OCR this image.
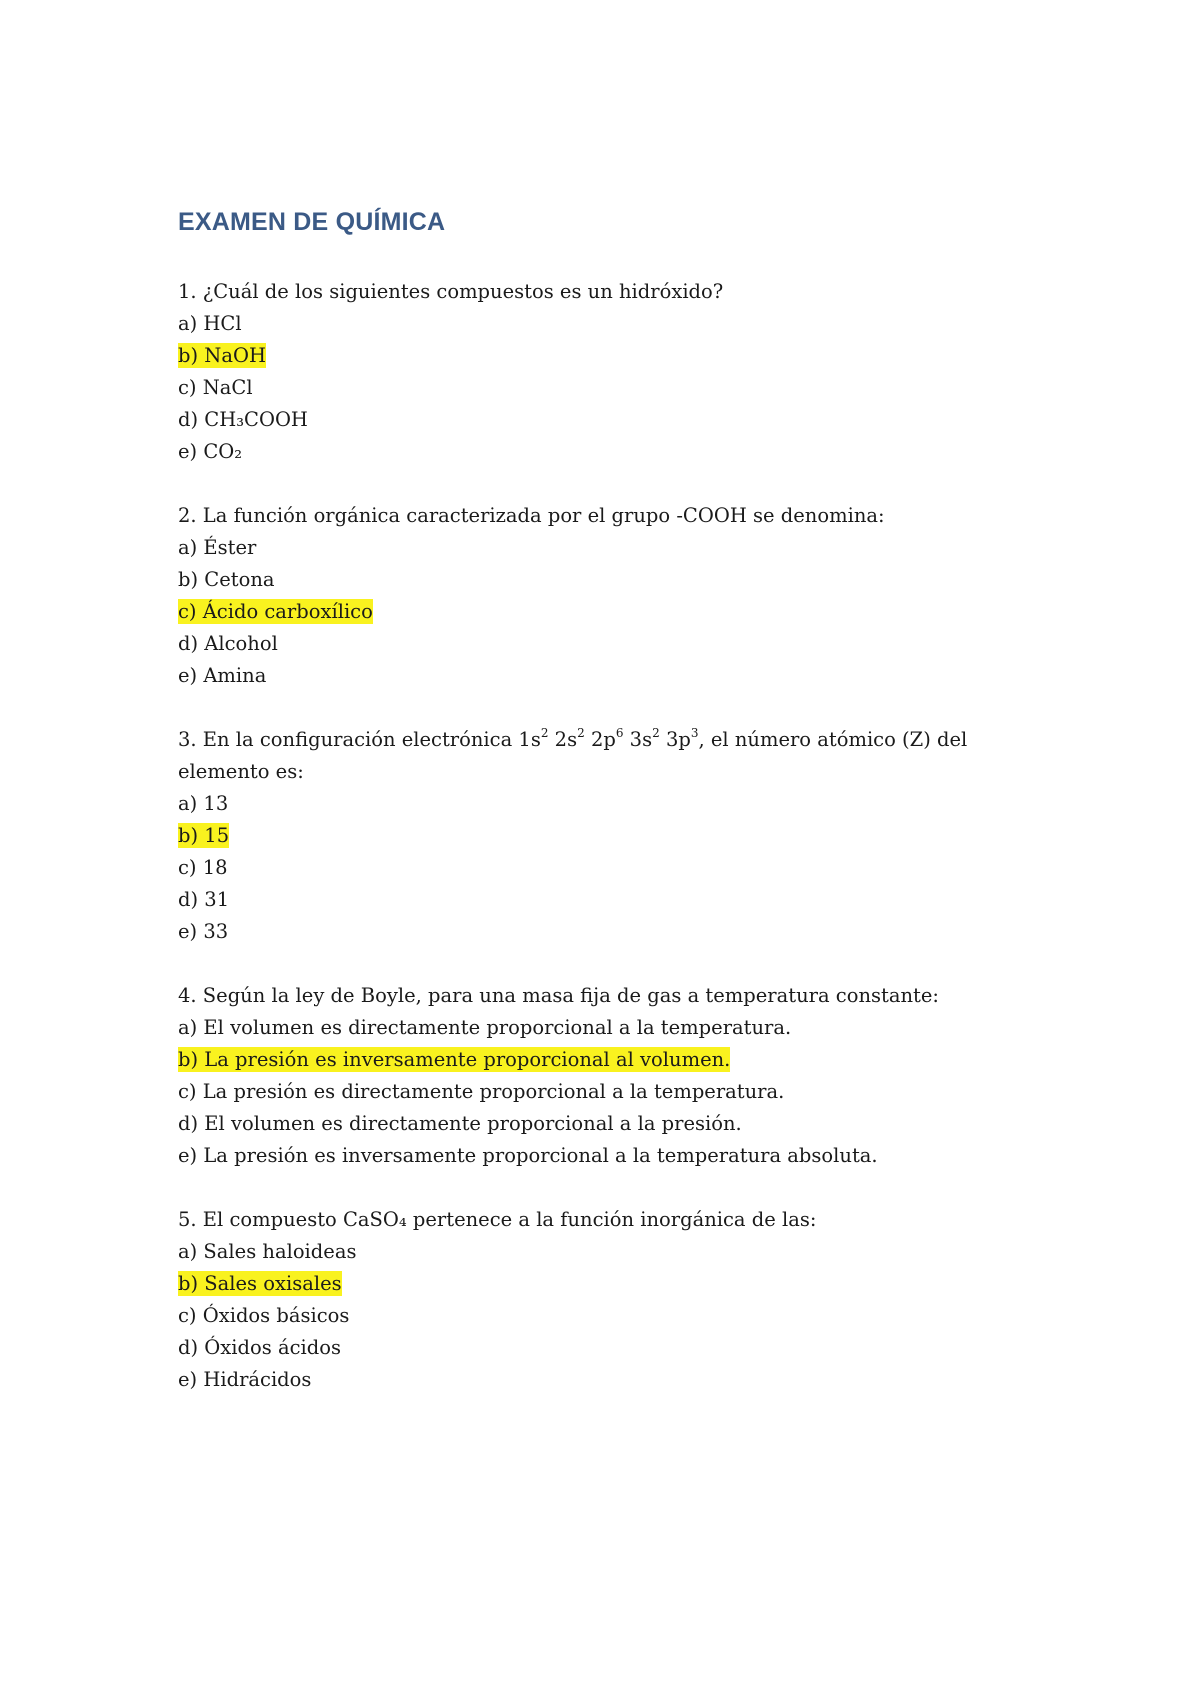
EXAMEN DE QUÍMICA

1. ¿Cuál de los siguientes compuestos es un hidróxido?

a) HCl

b) NaOH

c) NaCl

d) CH₃COOH

e) CO₂

2. La función orgánica caracterizada por el grupo -COOH se denomina:

a) Éster

b) Cetona

c) Ácido carboxílico

d) Alcohol

e) Amina

3. En la configuración electrónica $1s^2$ $2s^2$ $2p^6$ $3s^2$ $3p^3$, el número atómico (Z) del elemento es:

a) 13

b) 15

c) 18

d) 31

e) 33

4. Según la ley de Boyle, para una masa fija de gas a temperatura constante:

a) El volumen es directamente proporcional a la temperatura.

b) La presión es inversamente proporcional al volumen.

c) La presión es directamente proporcional a la temperatura.

d) El volumen es directamente proporcional a la presión.

e) La presión es inversamente proporcional a la temperatura absoluta.

5. El compuesto CaSO₄ pertenece a la función inorgánica de las:

a) Sales haloideas

b) Sales oxisales

c) Óxidos básicos

d) Óxidos ácidos

e) Hidrácidos
